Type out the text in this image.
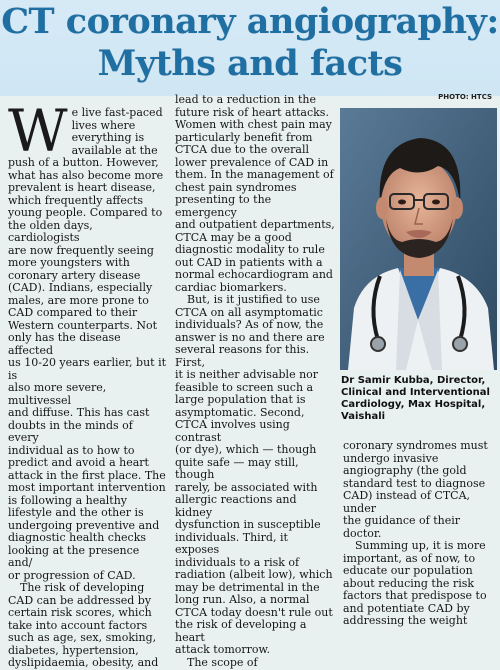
CT coronary angiography:
Myths and facts
PHOTO: HTCS
W e live fast-paced

lives where

everything is

available at the

push of a button. However,

what has also become more

prevalent is heart disease,

which frequently affects

young people. Compared to

the olden days, cardiologists

are now frequently seeing

more youngsters with

coronary artery disease

(CAD). Indians, especially

males, are more prone to

CAD compared to their

Western counterparts. Not

only has the disease affected

us 10-20 years earlier, but it is

also more severe, multivessel

and diffuse. This has cast

doubts in the minds of every

individual as to how to

predict and avoid a heart

attack in the first place. The

most important intervention

is following a healthy

lifestyle and the other is

undergoing preventive and

diagnostic health checks

looking at the presence and/

or progression of CAD.

The risk of developing

CAD can be addressed by

certain risk scores, which

take into account factors

such as age, sex, smoking,

diabetes, hypertension,

dyslipidaemia, obesity, and

lead to a reduction in the

future risk of heart attacks.

Women with chest pain may

particularly benefit from

CTCA due to the overall

lower prevalence of CAD in

them. In the management of

chest pain syndromes

presenting to the emergency

and outpatient departments,

CTCA may be a good

diagnostic modality to rule

out CAD in patients with a

normal echocardiogram and

cardiac biomarkers.

But, is it justified to use

CTCA on all asymptomatic

individuals? As of now, the

answer is no and there are

several reasons for this. First,

it is neither advisable nor

feasible to screen such a

large population that is

asymptomatic. Second,

CTCA involves using contrast

(or dye), which — though

quite safe — may still, though

rarely, be associated with

allergic reactions and kidney

dysfunction in susceptible

individuals. Third, it exposes

individuals to a risk of

radiation (albeit low), which

may be detrimental in the

long run. Also, a normal

CTCA today doesn't rule out

the risk of developing a heart

attack tomorrow.

The scope of

Dr Samir Kubba, Director, Clinical and Interventional Cardiology, Max Hospital, Vaishali

coronary syndromes must

undergo invasive

angiography (the gold

standard test to diagnose

CAD) instead of CTCA, under

the guidance of their doctor.

Summing up, it is more

important, as of now, to

educate our population

about reducing the risk

factors that predispose to

and potentiate CAD by

addressing the weight
